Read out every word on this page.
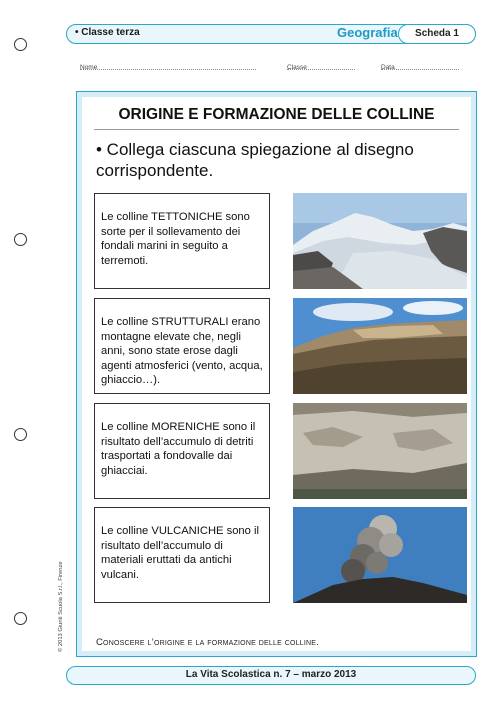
• Classe terza	Geografia	Scheda 1
Nome	Classe	Data
ORIGINE E FORMAZIONE DELLE COLLINE
• Collega ciascuna spiegazione al disegno corrispondente.

Le colline TETTONICHE sono sorte per il sollevamento dei fondali marini in seguito a terremoti.

Le colline STRUTTURALI erano montagne elevate che, negli anni, sono state erose dagli agenti atmosferici (vento, acqua, ghiaccio…).

Le colline MORENICHE sono il risultato dell’accumulo di detriti trasportati a fondovalle dai ghiacciai.

Le colline VULCANICHE sono il risultato dell’accumulo di materiali eruttati da antichi vulcani.

Conoscere l’origine e la formazione delle colline.
© 2013 Giunti Scuola S.r.l., Firenze
La Vita Scolastica n. 7 – marzo 2013
